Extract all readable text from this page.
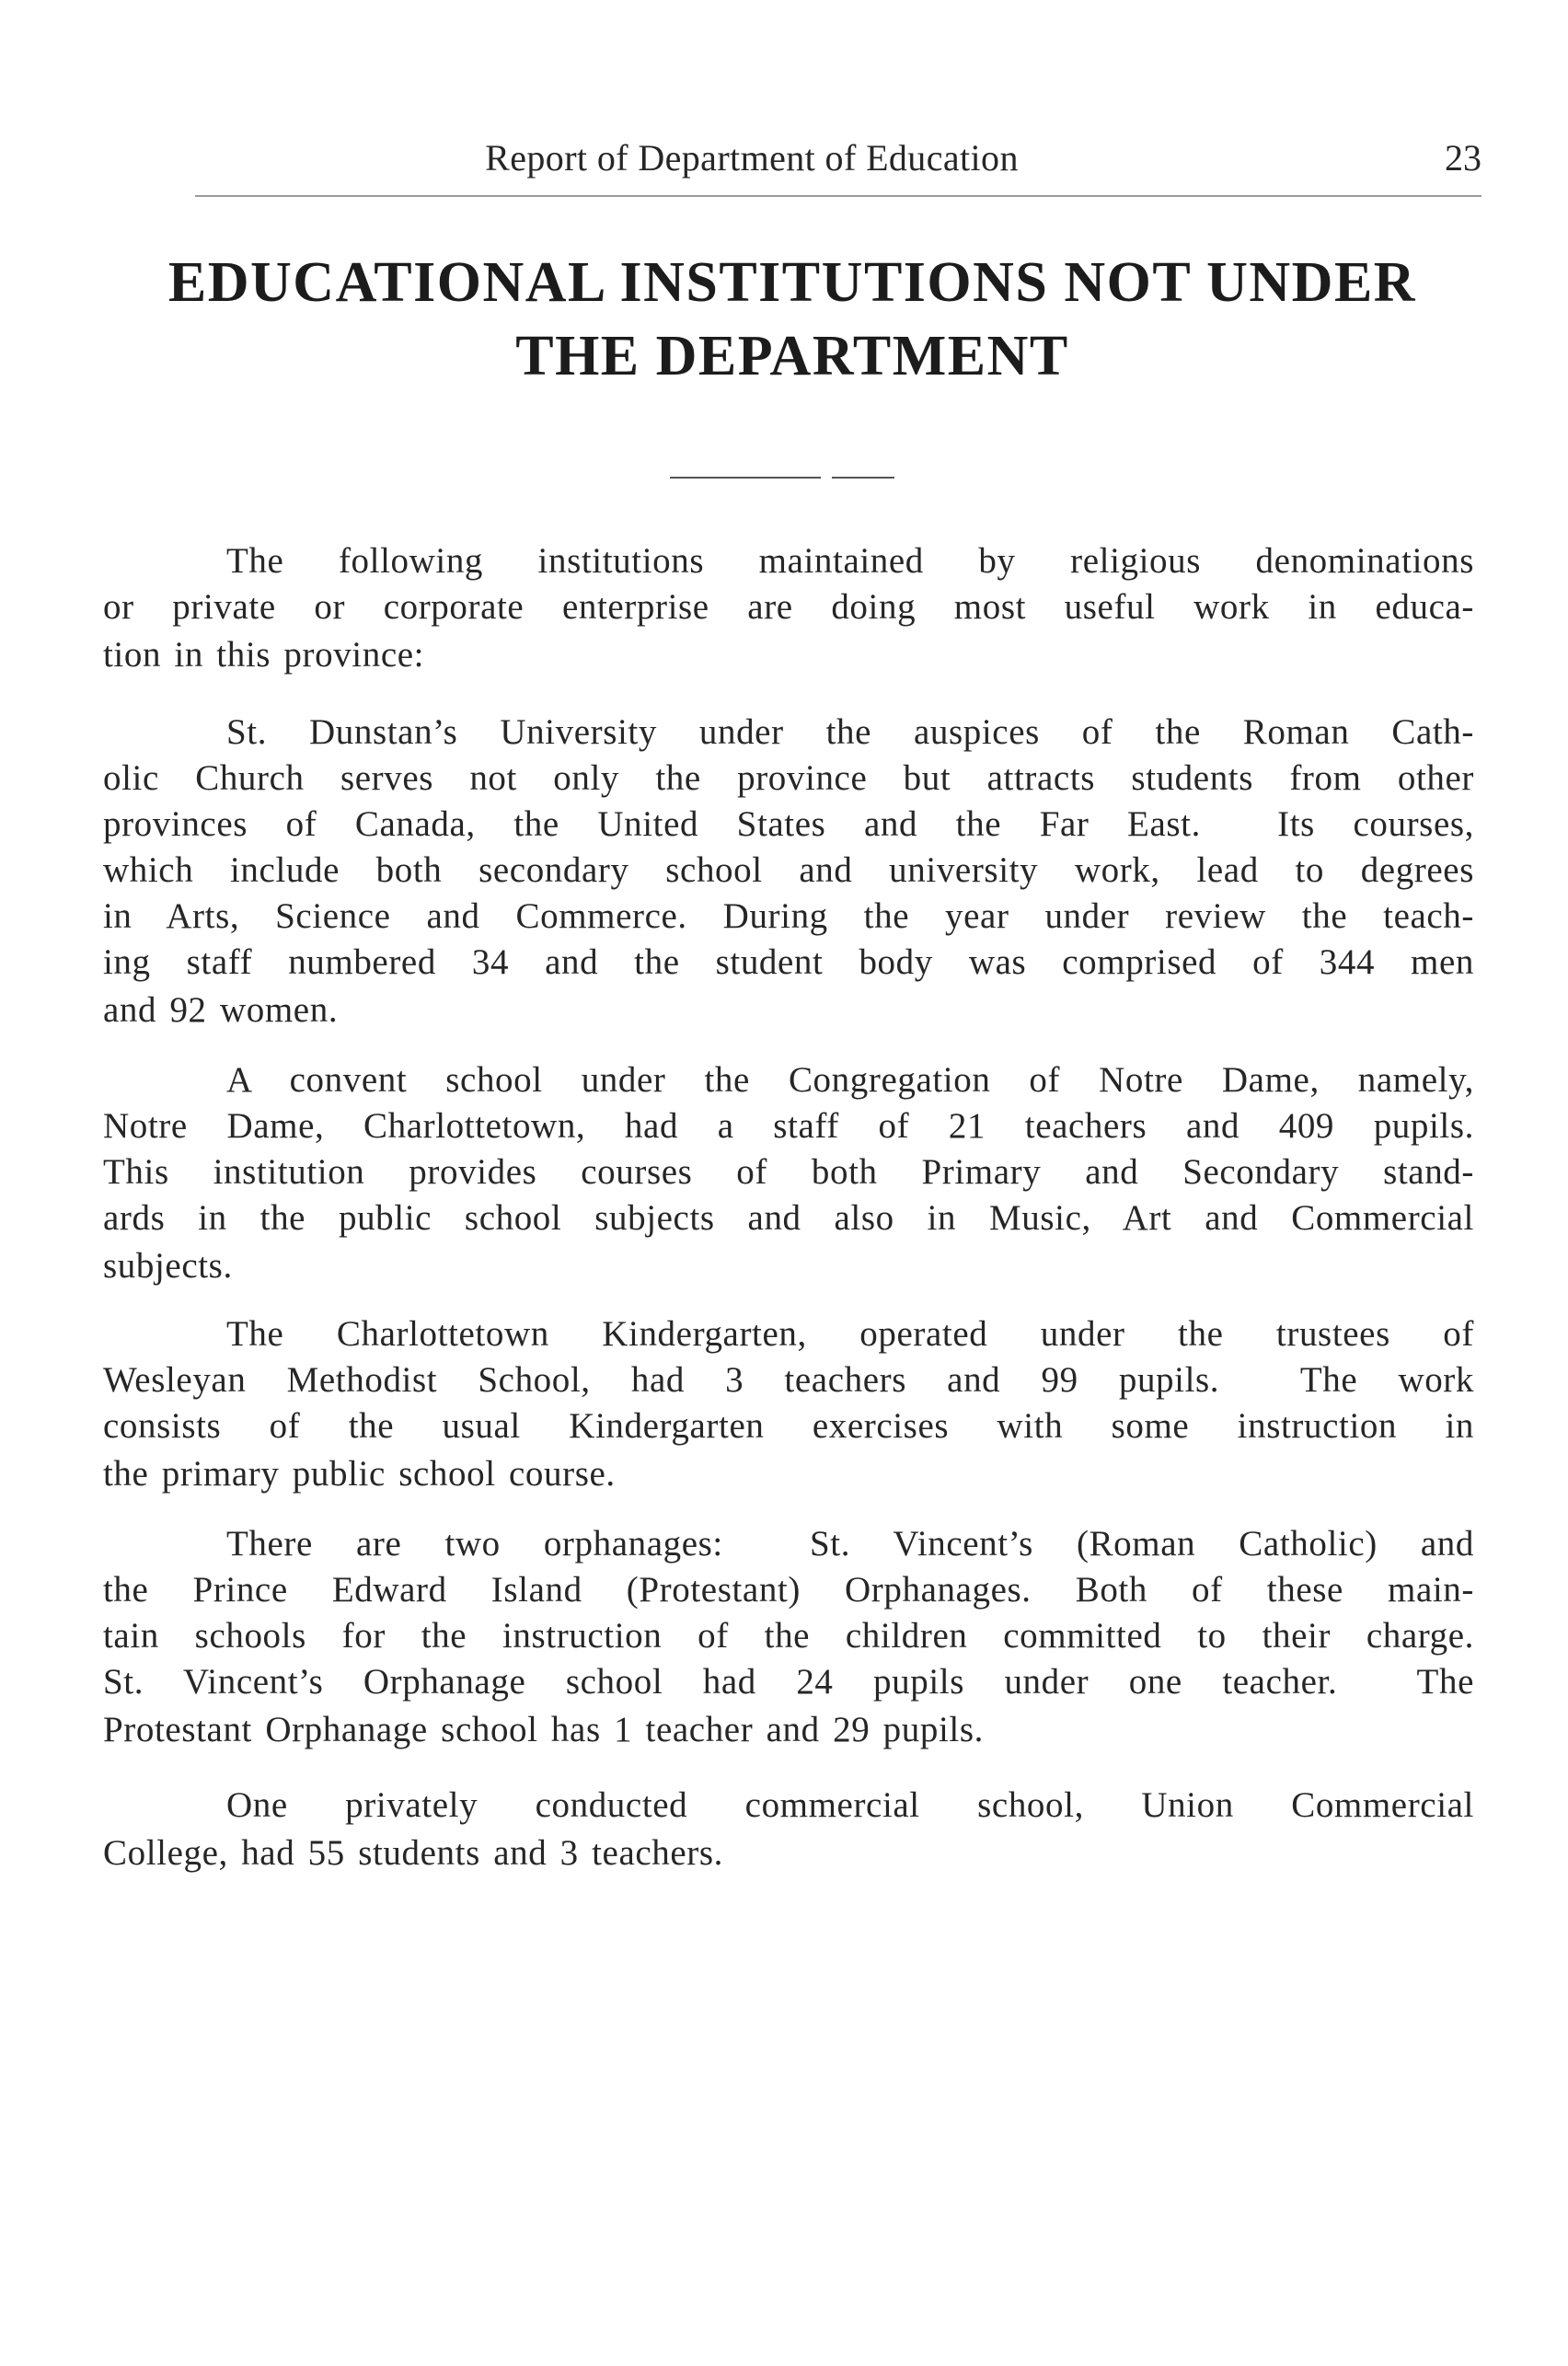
Report of Department of Education	23
EDUCATIONAL INSTITUTIONS NOT UNDER
THE DEPARTMENT
The following institutions maintained by religious denominations
or private or corporate enterprise are doing most useful work in educa-
tion in this province:
St. Dunstan’s University under the auspices of the Roman Cath-
olic Church serves not only the province but attracts students from other
provinces of Canada, the United States and the Far East.  Its courses,
which include both secondary school and university work, lead to degrees
in Arts, Science and Commerce. During the year under review the teach-
ing staff numbered 34 and the student body was comprised of 344 men
and 92 women.
A convent school under the Congregation of Notre Dame, namely,
Notre Dame, Charlottetown, had a staff of 21 teachers and 409 pupils.
This institution provides courses of both Primary and Secondary stand-
ards in the public school subjects and also in Music, Art and Commercial
subjects.
The Charlottetown Kindergarten, operated under the trustees of
Wesleyan Methodist School, had 3 teachers and 99 pupils.  The work
consists of the usual Kindergarten exercises with some instruction in
the primary public school course.
There are two orphanages:  St. Vincent’s (Roman Catholic) and
the Prince Edward Island (Protestant) Orphanages. Both of these main-
tain schools for the instruction of the children committed to their charge.
St. Vincent’s Orphanage school had 24 pupils under one teacher.  The
Protestant Orphanage school has 1 teacher and 29 pupils.
One privately conducted commercial school, Union Commercial
College, had 55 students and 3 teachers.
